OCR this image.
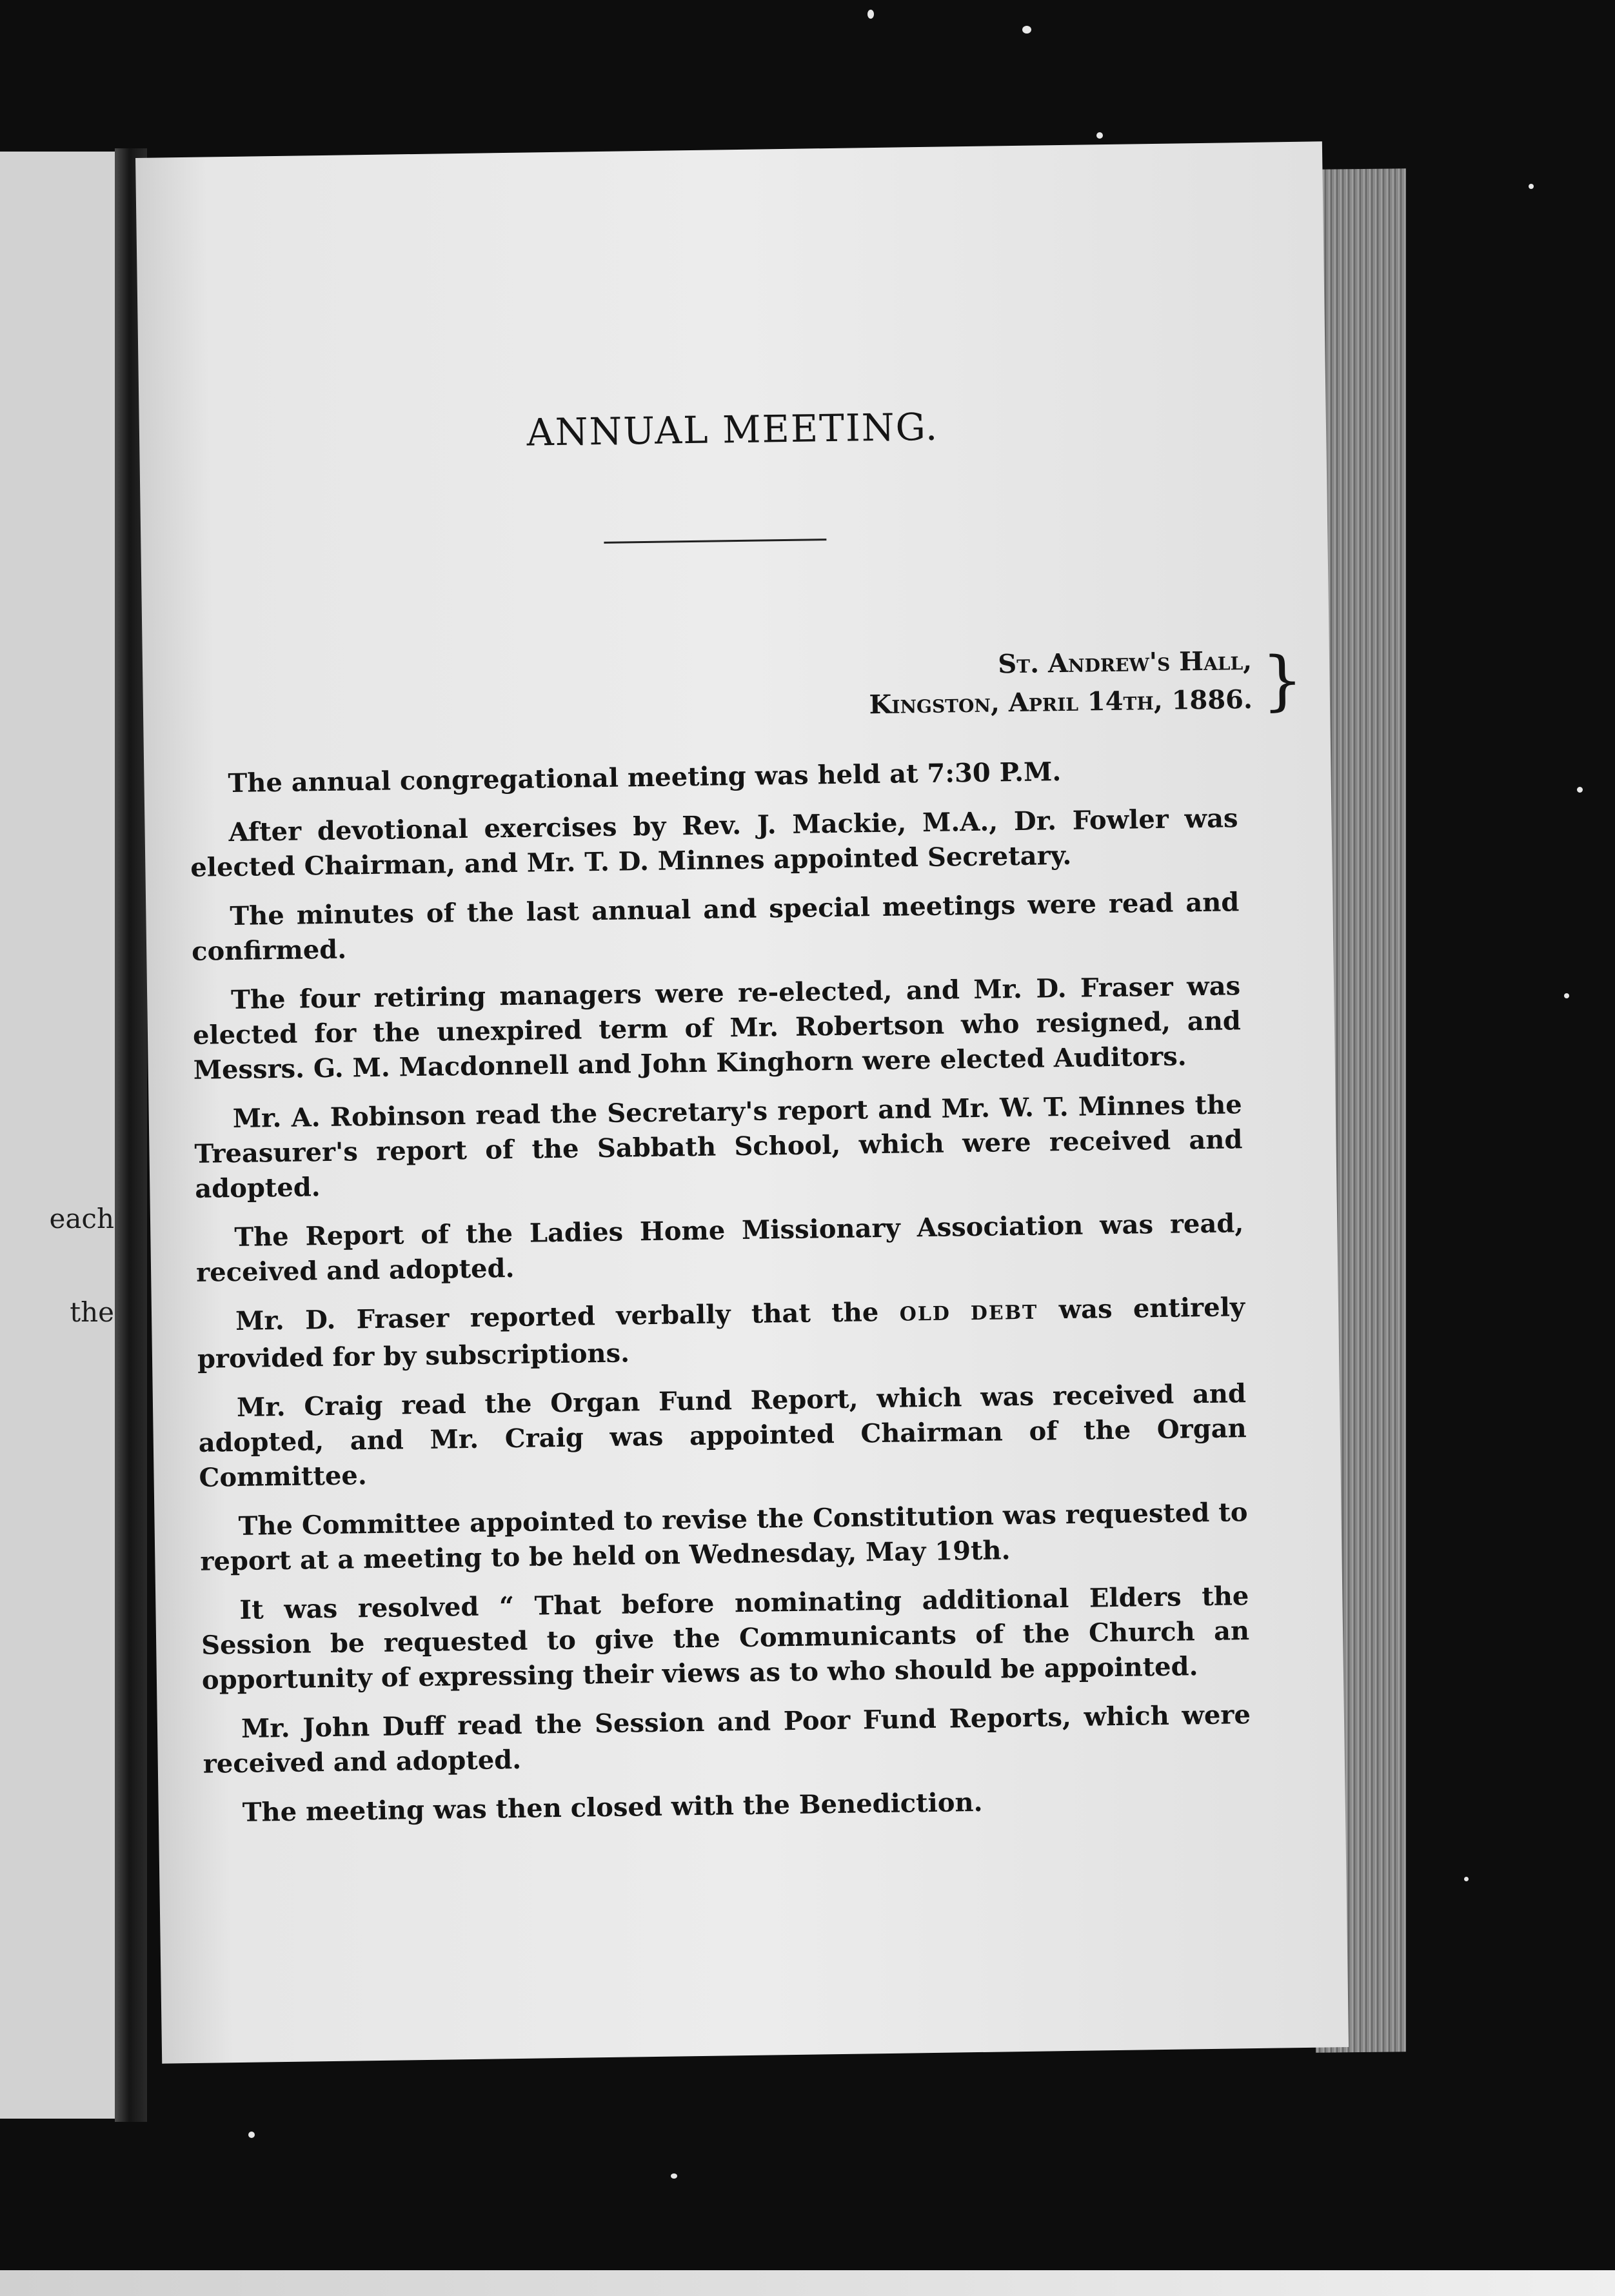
each
the
ANNUAL MEETING.
St. Andrew's Hall,
Kingston, April 14th, 1886. }

The annual congregational meeting was held at 7:30 P.M.

After devotional exercises by Rev. J. Mackie, M.A., Dr. Fowler was elected Chairman, and Mr. T. D. Minnes appointed Secretary.

The minutes of the last annual and special meetings were read and confirmed.

The four retiring managers were re-elected, and Mr. D. Fraser was elected for the unexpired term of Mr. Robertson who resigned, and Messrs. G. M. Macdonnell and John Kinghorn were elected Auditors.

Mr. A. Robinson read the Secretary's report and Mr. W. T. Minnes the Treasurer's report of the Sabbath School, which were received and adopted.

The Report of the Ladies Home Missionary Association was read, received and adopted.

Mr. D. Fraser reported verbally that the OLD DEBT was entirely provided for by subscriptions.

Mr. Craig read the Organ Fund Report, which was received and adopted, and Mr. Craig was appointed Chairman of the Organ Committee.

The Committee appointed to revise the Constitution was requested to report at a meeting to be held on Wednesday, May 19th.

It was resolved “ That before nominating additional Elders the Session be requested to give the Communicants of the Church an opportunity of expressing their views as to who should be appointed.

Mr. John Duff read the Session and Poor Fund Reports, which were received and adopted.

The meeting was then closed with the Benediction.
